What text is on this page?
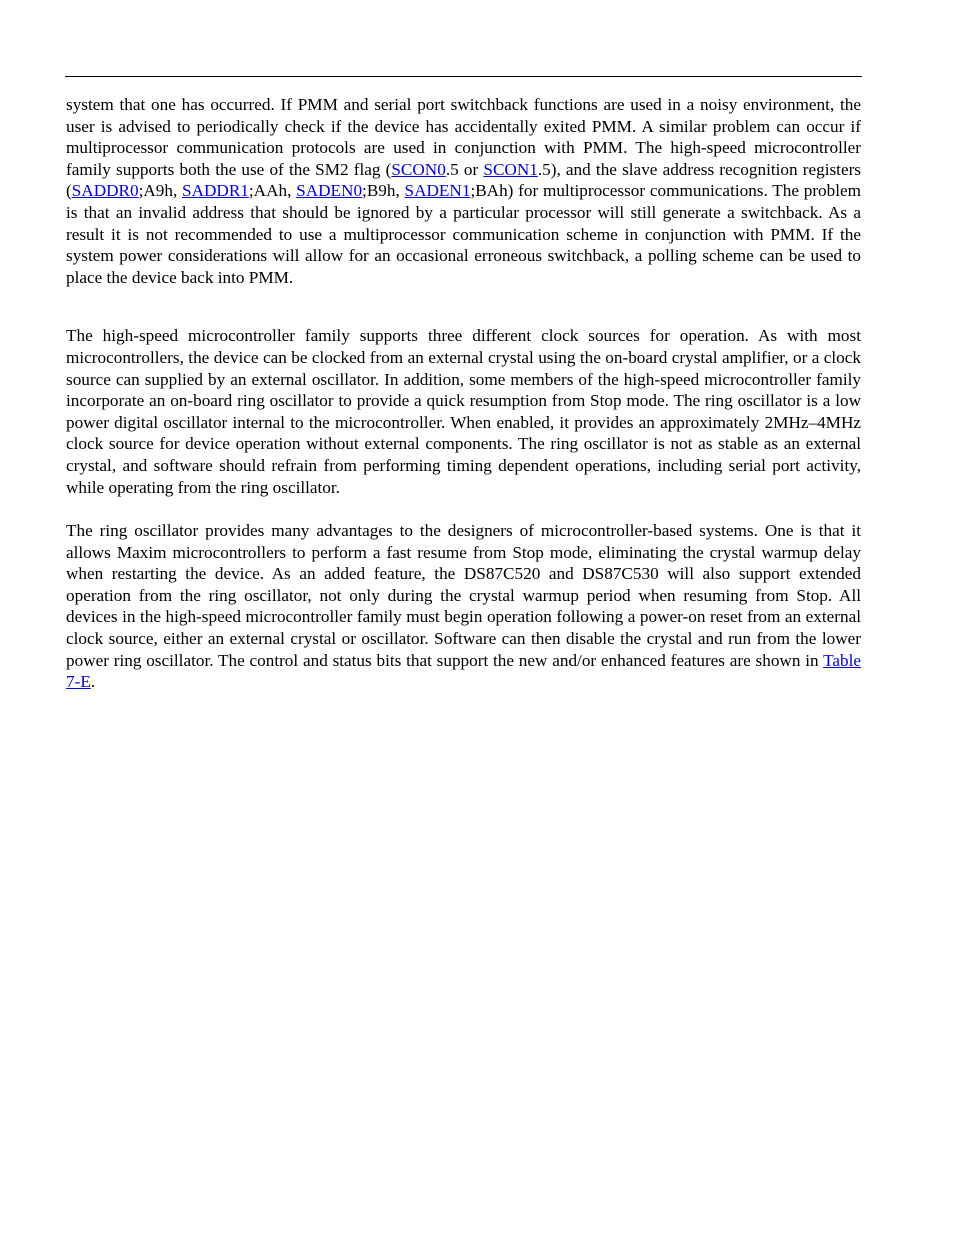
system that one has occurred. If PMM and serial port switchback functions are used in a noisy environment, the user is advised to periodically check if the device has accidentally exited PMM. A similar problem can occur if multiprocessor communication protocols are used in conjunction with PMM. The high-speed microcontroller family supports both the use of the SM2 flag (SCON0.5 or SCON1.5), and the slave address recognition registers (SADDR0;A9h, SADDR1;AAh, SADEN0;B9h, SADEN1;BAh) for multiprocessor communications. The problem is that an invalid address that should be ignored by a particular processor will still generate a switchback. As a result it is not recommended to use a multiprocessor communication scheme in conjunction with PMM. If the system power considerations will allow for an occasional erroneous switchback, a polling scheme can be used to place the device back into PMM.

The high-speed microcontroller family supports three different clock sources for operation. As with most microcontrollers, the device can be clocked from an external crystal using the on-board crystal amplifier, or a clock source can supplied by an external oscillator. In addition, some members of the high-speed microcontroller family incorporate an on-board ring oscillator to provide a quick resumption from Stop mode. The ring oscillator is a low power digital oscillator internal to the microcontroller. When enabled, it provides an approximately 2MHz–4MHz clock source for device operation without external components. The ring oscillator is not as stable as an external crystal, and software should refrain from performing timing dependent operations, including serial port activity, while operating from the ring oscillator.

The ring oscillator provides many advantages to the designers of microcontroller-based systems. One is that it allows Maxim microcontrollers to perform a fast resume from Stop mode, eliminating the crystal warmup delay when restarting the device. As an added feature, the DS87C520 and DS87C530 will also support extended operation from the ring oscillator, not only during the crystal warmup period when resuming from Stop. All devices in the high-speed microcontroller family must begin operation following a power-on reset from an external clock source, either an external crystal or oscillator. Software can then disable the crystal and run from the lower power ring oscillator. The control and status bits that support the new and/or enhanced features are shown in Table 7-E.
